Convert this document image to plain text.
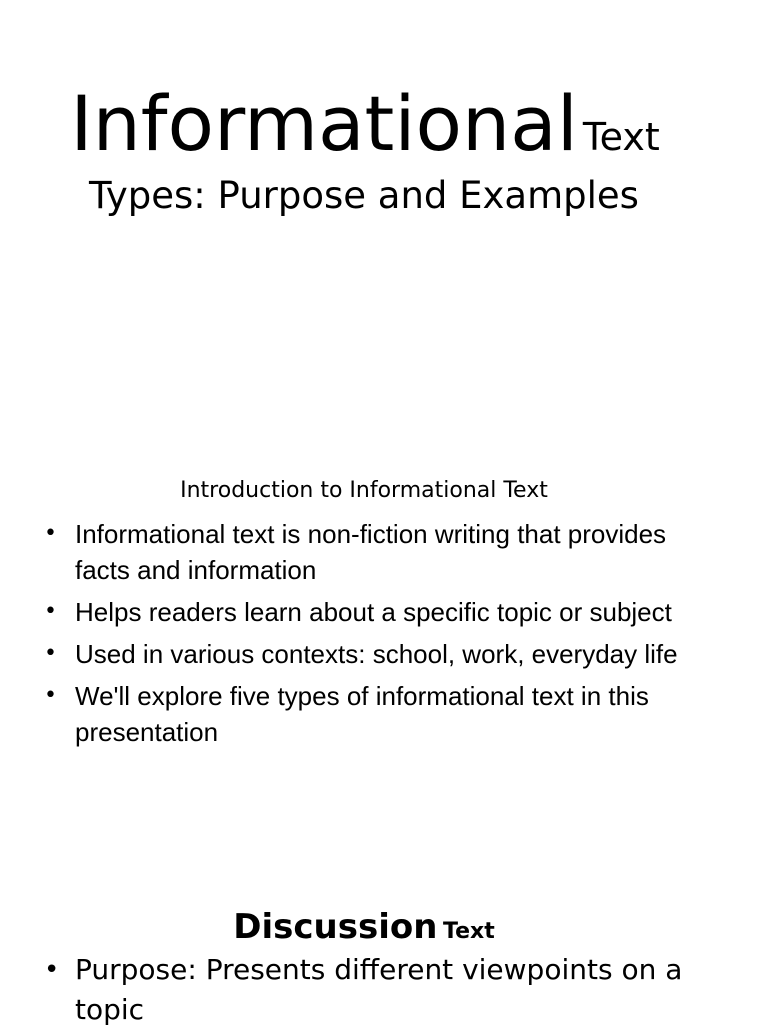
Informational Text
Types: Purpose and Examples
Introduction to Informational Text
• Informational text is non-fiction writing that provides facts and information
• Helps readers learn about a specific topic or subject
• Used in various contexts: school, work, everyday life
• We'll explore five types of informational text in this presentation
Discussion Text
• Purpose: Presents different viewpoints on a topic
